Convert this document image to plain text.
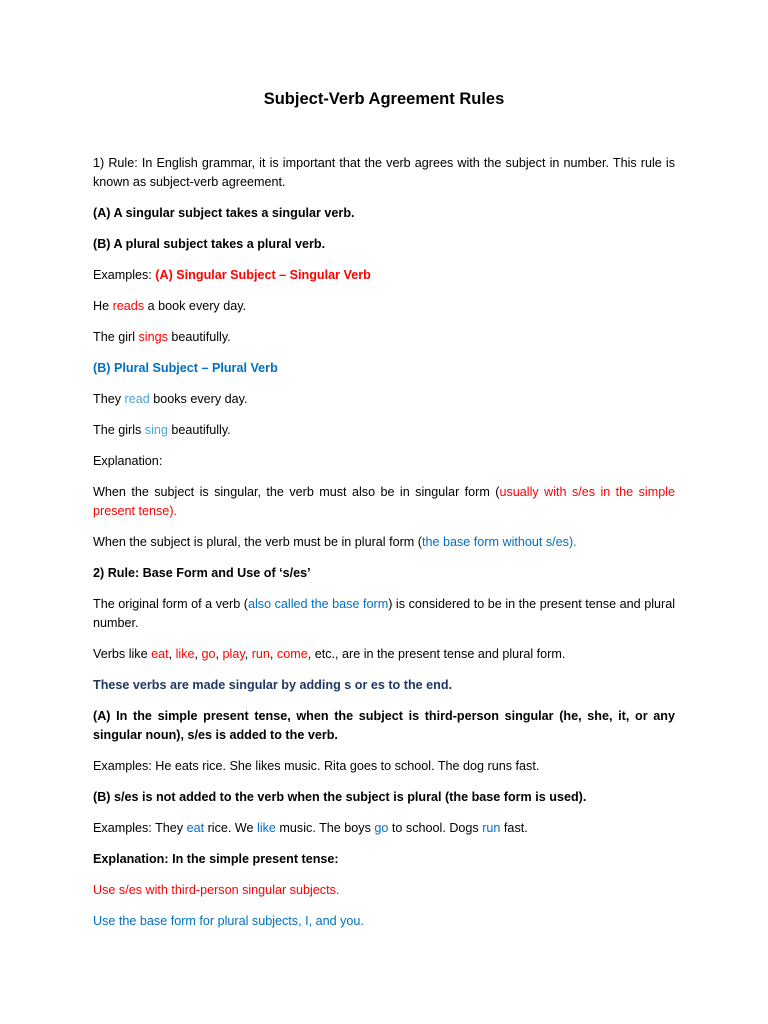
Subject-Verb Agreement Rules
1) Rule: In English grammar, it is important that the verb agrees with the subject in number. This rule is known as subject-verb agreement.
(A) A singular subject takes a singular verb.
(B) A plural subject takes a plural verb.
Examples: (A) Singular Subject – Singular Verb
He reads a book every day.
The girl sings beautifully.
(B) Plural Subject – Plural Verb
They read books every day.
The girls sing beautifully.
Explanation:
When the subject is singular, the verb must also be in singular form (usually with s/es in the simple present tense).
When the subject is plural, the verb must be in plural form (the base form without s/es).
2) Rule: Base Form and Use of ‘s/es’
The original form of a verb (also called the base form) is considered to be in the present tense and plural number.
Verbs like eat, like, go, play, run, come, etc., are in the present tense and plural form.
These verbs are made singular by adding s or es to the end.
(A) In the simple present tense, when the subject is third-person singular (he, she, it, or any singular noun), s/es is added to the verb.
Examples: He eats rice. She likes music. Rita goes to school. The dog runs fast.
(B) s/es is not added to the verb when the subject is plural (the base form is used).
Examples: They eat rice. We like music. The boys go to school. Dogs run fast.
Explanation: In the simple present tense:
Use s/es with third-person singular subjects.
Use the base form for plural subjects, I, and you.
